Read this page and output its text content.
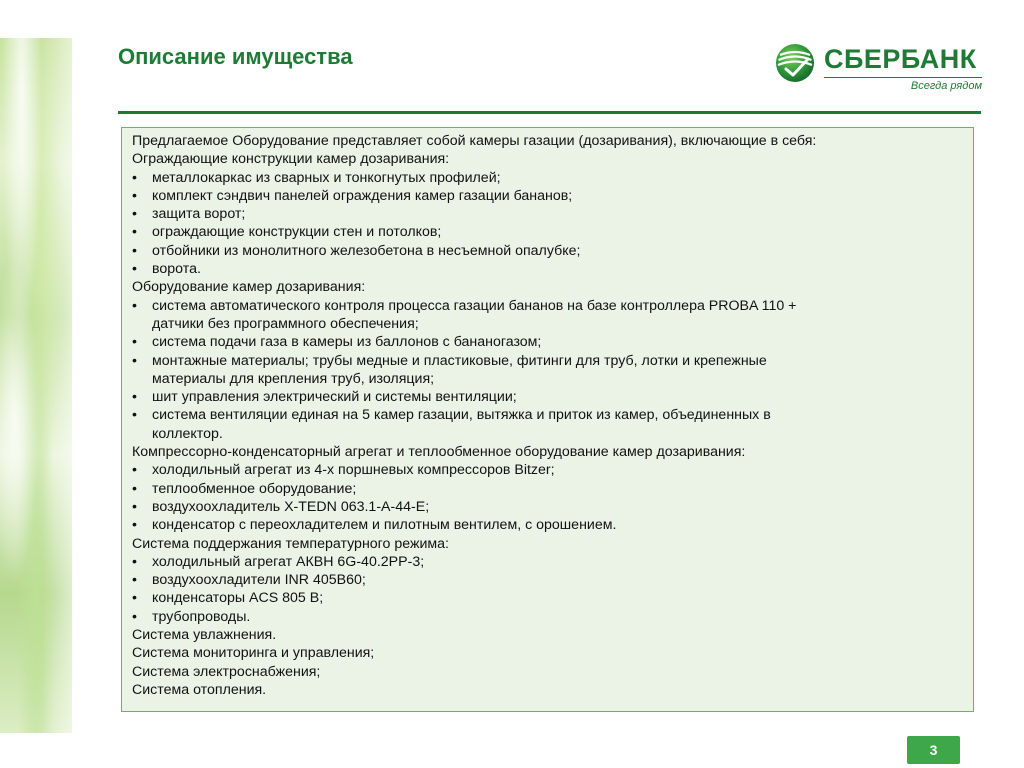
Описание имущества	СБЕРБАНК
Всегда рядом
Предлагаемое Оборудование представляет собой камеры газации (дозаривания), включающие в себя:
Ограждающие конструкции камер дозаривания:
• металлокаркас из сварных и тонкогнутых профилей;
• комплект сэндвич панелей ограждения камер газации бананов;
• защита ворот;
• ограждающие конструкции стен и потолков;
• отбойники из монолитного железобетона в несъемной опалубке;
• ворота.
Оборудование камер дозаривания:
• система автоматического контроля процесса газации бананов на базе контроллера PROBA 110 +
датчики без программного обеспечения;
• система подачи газа в камеры из баллонов с бананогазом;
• монтажные материалы; трубы медные и пластиковые, фитинги для труб, лотки и крепежные
материалы для крепления труб, изоляция;
• шит управления электрический и системы вентиляции;
• система вентиляции единая на 5 камер газации, вытяжка и приток из камер, объединенных в
коллектор.
Компрессорно-конденсаторный агрегат и теплообменное оборудование камер дозаривания:
• холодильный агрегат из 4-х поршневых компрессоров Bitzer;
• теплообменное оборудование;
• воздухоохладитель X-TEDN 063.1-A-44-E;
• конденсатор с переохладителем и пилотным вентилем, с орошением.
Система поддержания температурного режима:
• холодильный агрегат АКВН 6G-40.2PP-3;
• воздухоохладители INR 405B60;
• конденсаторы ACS 805 B;
• трубопроводы.
Система увлажнения.
Система мониторинга и управления;
Система электроснабжения;
Система отопления.
3
